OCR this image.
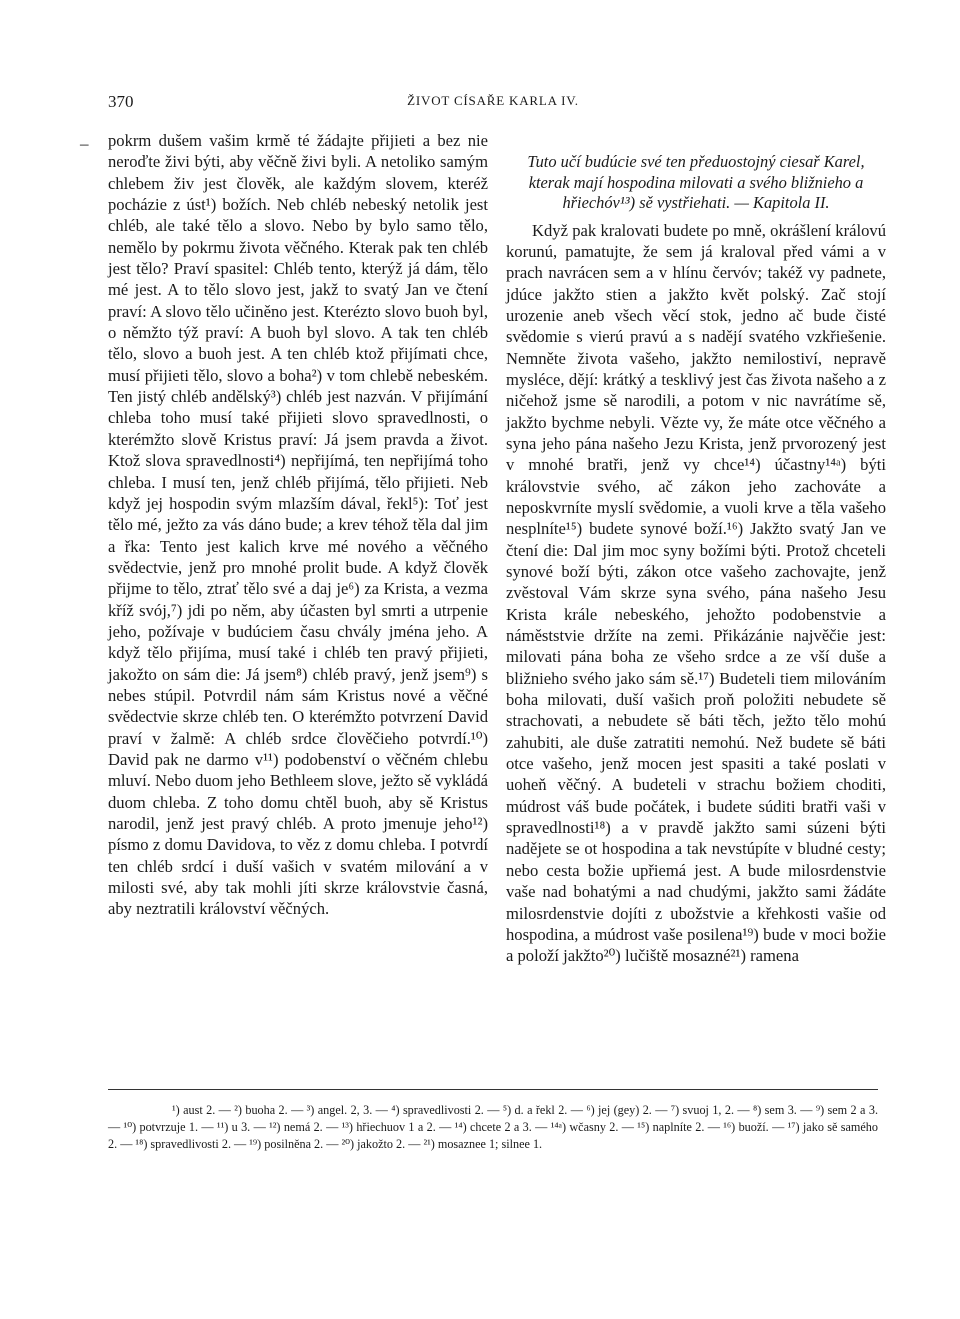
370	ŽIVOT CÍSAŘE KARLA IV.
– pokrm dušem vašim krmě té žádajte přijieti a bez nie neroďte živi býti, aby věčně živi byli. A netoliko samým chlebem živ jest člověk, ale každým slovem, kteréž pocházie z úst¹) božích. Neb chléb nebeský netolik jest chléb, ale také tělo a slovo. Nebo by bylo samo tělo, nemělo by pokrmu života věčného. Kterak pak ten chléb jest tělo? Praví spasitel: Chléb tento, kterýž já dám, tělo mé jest. A to tělo slovo jest, jakž to svatý Jan ve čtení praví: A slovo tělo učiněno jest. Kterézto slovo buoh byl, o němžto týž praví: A buoh byl slovo. A tak ten chléb tělo, slovo a buoh jest. A ten chléb ktož přijímati chce, musí přijieti tělo, slovo a boha²) v tom chlebě nebeském. Ten jistý chléb andělský³) chléb jest nazván. V přijímání chleba toho musí také přijieti slovo spravedlnosti, o kterémžto slově Kristus praví: Já jsem pravda a život. Ktož slova spravedlnosti⁴) nepřijímá, ten nepřijímá toho chleba. I musí ten, jenž chléb přijímá, tělo přijieti. Neb když jej hospodin svým mlazším dával, řekl⁵): Toť jest tělo mé, ježto za vás dáno bude; a krev téhož těla dal jim a řka: Tento jest kalich krve mé nového a věčného svědectvie, jenž pro mnohé prolit bude. A když člověk přijme to tělo, ztrať tělo své a daj je⁶) za Krista, a vezma kříž svój,⁷) jdi po něm, aby účasten byl smrti a utrpenie jeho, požívaje v budúciem času chvály jména jeho. A když tělo přijíma, musí také i chléb ten pravý přijieti, jakožto on sám die: Já jsem⁸) chléb pravý, jenž jsem⁹) s nebes stúpil. Potvrdil nám sám Kristus nové a věčné svědectvie skrze chléb ten. O kterémžto potvrzení David praví v žalmě: A chléb srdce člověčieho potvrdí.¹⁰) David pak ne darmo v¹¹) podobenství o věčném chlebu mluví. Nebo duom jeho Bethleem slove, ježto sě vykládá duom chleba. Z toho domu chtěl buoh, aby sě Kristus narodil, jenž jest pravý chléb. A proto jmenuje jeho¹²) písmo z domu Davidova, to věz z domu chleba. I potvrdí ten chléb srdcí i duší vašich v svatém milování a v milosti své, aby tak mohli jíti skrze královstvie časná, aby neztratili království věčných.
Tuto učí budúcie své ten předuostojný ciesař Karel, kterak mají hospodina milovati a svého bližnieho a hřiechóv¹³) sě vystřiehati. — Kapitola II.
Když pak kralovati budete po mně, okrášlení královú korunú, pamatujte, že sem já kraloval před vámi a v prach navrácen sem a v hlínu červóv; takéž vy padnete, jdúce jakžto stien a jakžto květ polský. Zač stojí urozenie aneb všech věcí stok, jedno ač bude čisté svědomie s vierú pravú a s nadějí svatého vzkřiešenie. Nemněte života vašeho, jakžto nemilostiví, nepravě mysléce, dějí: krátký a tesklivý jest čas života našeho a z ničehož jsme sě narodili, a potom v nic navrátíme sě, jakžto bychme nebyli. Vězte vy, že máte otce věčného a syna jeho pána našeho Jezu Krista, jenž prvorozený jest v mnohé bratři, jenž vy chce¹⁴) účastny¹⁴ᵃ) býti královstvie svého, ač zákon jeho zachováte a neposkvrníte myslí svědomie, a vuoli krve a těla vašeho nesplníte¹⁵) budete synové boží.¹⁶) Jakžto svatý Jan ve čtení die: Dal jim moc syny božími býti. Protož chceteli synové boží býti, zákon otce vašeho zachovajte, jenž zvěstoval Vám skrze syna svého, pána našeho Jesu Krista krále nebeského, jehožto podobenstvie a náměststvie držíte na zemi. Přikázánie najvěčie jest: milovati pána boha ze všeho srdce a ze vší duše a bližnieho svého jako sám sě.¹⁷) Budeteli tiem milováním boha milovati, duší vašich proň položiti nebudete sě strachovati, a nebudete sě báti těch, ježto tělo mohú zahubiti, ale duše zatratiti nemohú. Než budete sě báti otce vašeho, jenž mocen jest spasiti a také poslati v uoheň věčný. A budeteli v strachu božiem choditi, múdrost váš bude počátek, i budete súditi bratři vaši v spravedlnosti¹⁸) a v pravdě jakžto sami súzeni býti nadějete se ot hospodina a tak nevstúpíte v bludné cesty; nebo cesta božie upřiemá jest. A bude milosrdenstvie vaše nad bohatými a nad chudými, jakžto sami žádáte milosrdenstvie dojíti z ubožstvie a křehkosti vašie od hospodina, a múdrost vaše posilena¹⁹) bude v moci božie a položí jakžto²⁰) lučiště mosazné²¹) ramena

¹) aust 2. — ²) buoha 2. — ³) angel. 2, 3. — ⁴) spravedlivosti 2. — ⁵) d. a řekl 2. — ⁶) jej (gey) 2. — ⁷) svuoj 1, 2. — ⁸) sem 3. — ⁹) sem 2 a 3. — ¹⁰) potvrzuje 1. — ¹¹) u 3. — ¹²) nemá 2. — ¹³) hřiechuov 1 a 2. — ¹⁴) chcete 2 a 3. — ¹⁴ᵃ) wčasny 2. — ¹⁵) naplníte 2. — ¹⁶) buoží. — ¹⁷) jako sě samého 2. — ¹⁸) spravedlivosti 2. — ¹⁹) posilněna 2. — ²⁰) jakožto 2. — ²¹) mosaznee 1; silnee 1.
